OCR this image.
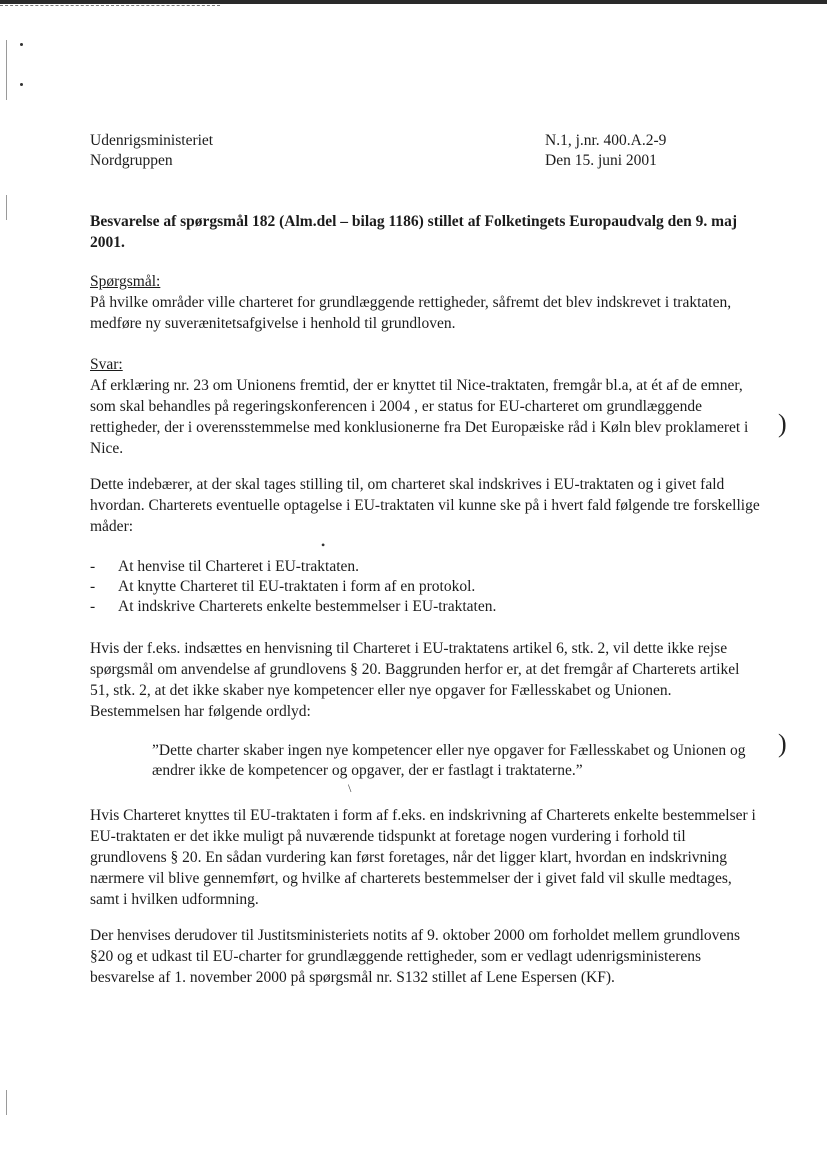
)
)
•
\
Udenrigsministeriet
Nordgruppen
N.1, j.nr. 400.A.2-9
Den 15. juni 2001
Besvarelse af spørgsmål 182 (Alm.del – bilag 1186) stillet af Folketingets Europaudvalg den 9. maj 2001.
Spørgsmål:

På hvilke områder ville charteret for grundlæggende rettigheder, såfremt det blev indskrevet i traktaten, medføre ny suverænitetsafgivelse i henhold til grundloven.

Svar:

Af erklæring nr. 23 om Unionens fremtid, der er knyttet til Nice-traktaten, fremgår bl.a, at ét af de emner, som skal behandles på regeringskonferencen i 2004 , er status for EU-charteret om grundlæggende rettigheder, der i overensstemmelse med konklusionerne fra Det Europæiske råd i Køln blev proklameret i Nice.

Dette indebærer, at der skal tages stilling til, om charteret skal indskrives i EU-traktaten og i givet fald hvordan. Charterets eventuelle optagelse i EU-traktaten vil kunne ske på i hvert fald følgende tre forskellige måder:

-	At henvise til Charteret i EU-traktaten.
-	At knytte Charteret til EU-traktaten i form af en protokol.
-	At indskrive Charterets enkelte bestemmelser i EU-traktaten.

Hvis der f.eks. indsættes en henvisning til Charteret i EU-traktatens artikel 6, stk. 2, vil dette ikke rejse spørgsmål om anvendelse af grundlovens § 20. Baggrunden herfor er, at det fremgår af Charterets artikel 51, stk. 2, at det ikke skaber nye kompetencer eller nye opgaver for Fællesskabet og Unionen. Bestemmelsen har følgende ordlyd:

”Dette charter skaber ingen nye kompetencer eller nye opgaver for Fællesskabet og Unionen og ændrer ikke de kompetencer og opgaver, der er fastlagt i traktaterne.”

Hvis Charteret knyttes til EU-traktaten i form af f.eks. en indskrivning af Charterets enkelte bestemmelser i EU-traktaten er det ikke muligt på nuværende tidspunkt at foretage nogen vurdering i forhold til grundlovens § 20. En sådan vurdering kan først foretages, når det ligger klart, hvordan en indskrivning nærmere vil blive gennemført, og hvilke af charterets bestemmelser der i givet fald vil skulle medtages, samt i hvilken udformning.

Der henvises derudover til Justitsministeriets notits af 9. oktober 2000 om forholdet mellem grundlovens §20 og et udkast til EU-charter for grundlæggende rettigheder, som er vedlagt udenrigsministerens besvarelse af 1. november 2000 på spørgsmål nr. S132 stillet af Lene Espersen (KF).
